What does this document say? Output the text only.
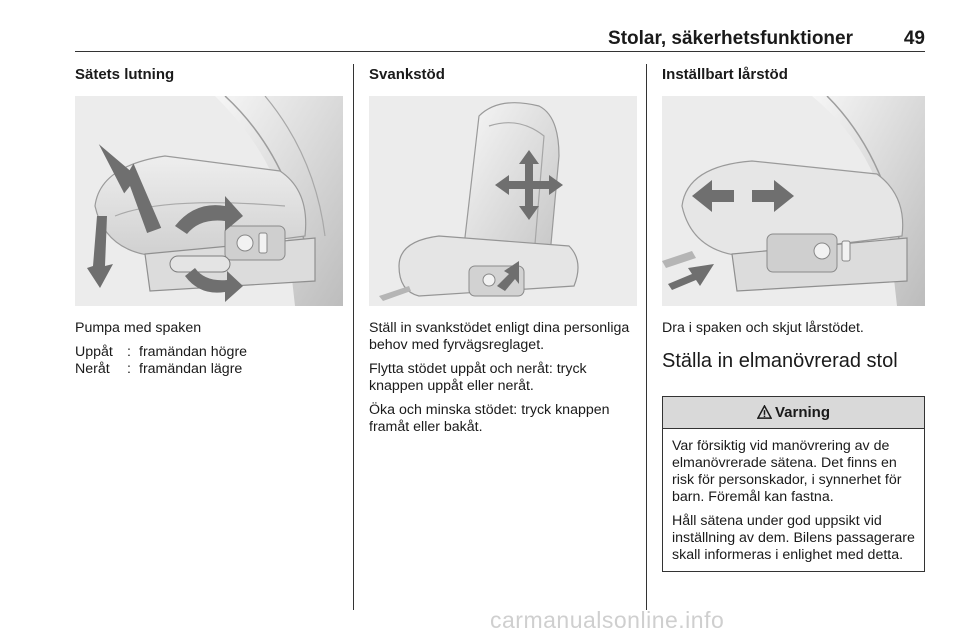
Stolar, säkerhetsfunktioner	49
Sätets lutning

Pumpa med spaken

Uppåt : framändan högre
Neråt	: framändan lägre
Svankstöd

Ställ in svankstödet enligt dina personliga behov med fyrvägsreglaget.

Flytta stödet uppåt och neråt: tryck knappen uppåt eller neråt.

Öka och minska stödet: tryck knappen framåt eller bakåt.

Inställbart lårstöd

Dra i spaken och skjut lårstödet.

Ställa in elmanövrerad stol
Varning

Var försiktig vid manövrering av de elmanövrerade sätena. Det finns en risk för personskador, i synnerhet för barn. Föremål kan fastna.

Håll sätena under god uppsikt vid inställning av dem. Bilens passagerare skall informeras i enlighet med detta.

carmanualsonline.info
